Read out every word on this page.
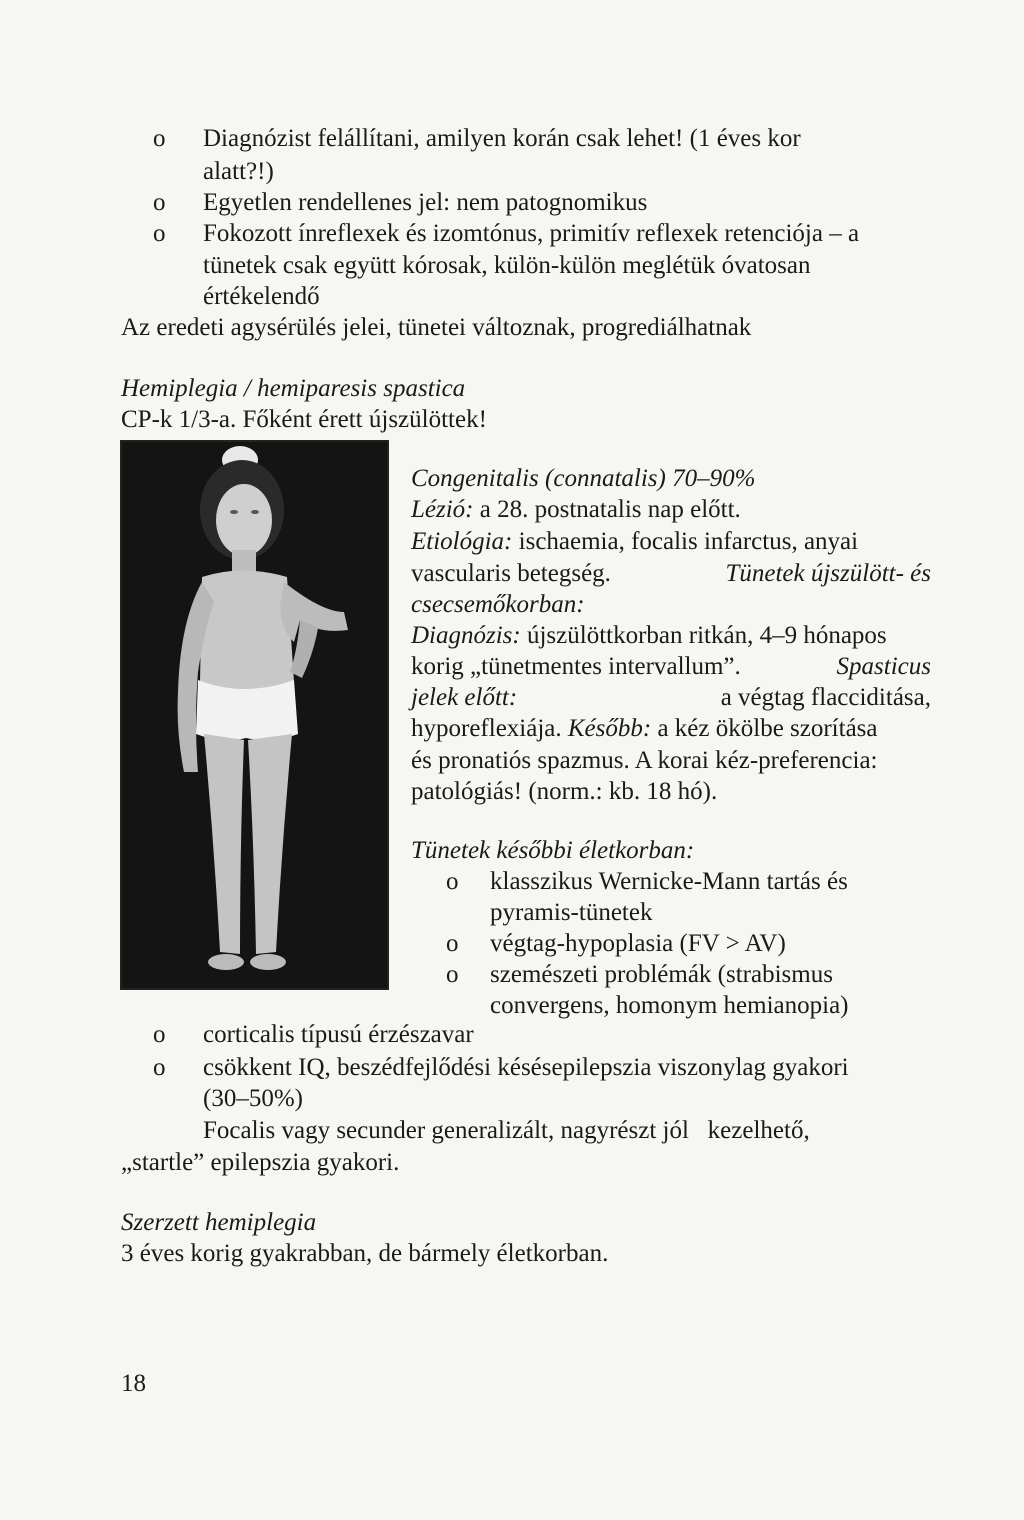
o Diagnózist felállítani, amilyen korán csak lehet! (1 éves kor
alatt?!)
o Egyetlen rendellenes jel: nem patognomikus
o Fokozott ínreflexek és izomtónus, primitív reflexek retenciója – a
tünetek csak együtt kórosak, külön-külön meglétük óvatosan
értékelendő
Az eredeti agysérülés jelei, tünetei változnak, progrediálhatnak
Hemiplegia / hemiparesis spastica
CP-k 1/3-a. Főként érett újszülöttek!
Congenitalis (connatalis) 70–90%
Lézió: a 28. postnatalis nap előtt.
Etiológia: ischaemia, focalis infarctus, anyai
vascularis betegség.	Tünetek újszülött- és
csecsemőkorban:
Diagnózis: újszülöttkorban ritkán, 4–9 hónapos
korig „tünetmentes intervallum”.	Spasticus
jelek előtt:	a végtag flacciditása,
hyporeflexiája. Később: a kéz ökölbe szorítása
és pronatiós spazmus. A korai kéz-preferencia:
patológiás! (norm.: kb. 18 hó).
Tünetek későbbi életkorban:
o klasszikus Wernicke-Mann tartás és
pyramis-tünetek
o végtag-hypoplasia (FV > AV)
o szemészeti problémák (strabismus
convergens, homonym hemianopia)
o corticalis típusú érzészavar
o csökkent IQ, beszédfejlődési késésepilepszia viszonylag gyakori
(30–50%)
Focalis vagy secunder generalizált, nagyrészt jól   kezelhető,
„startle” epilepszia gyakori.
Szerzett hemiplegia
3 éves korig gyakrabban, de bármely életkorban.
18
